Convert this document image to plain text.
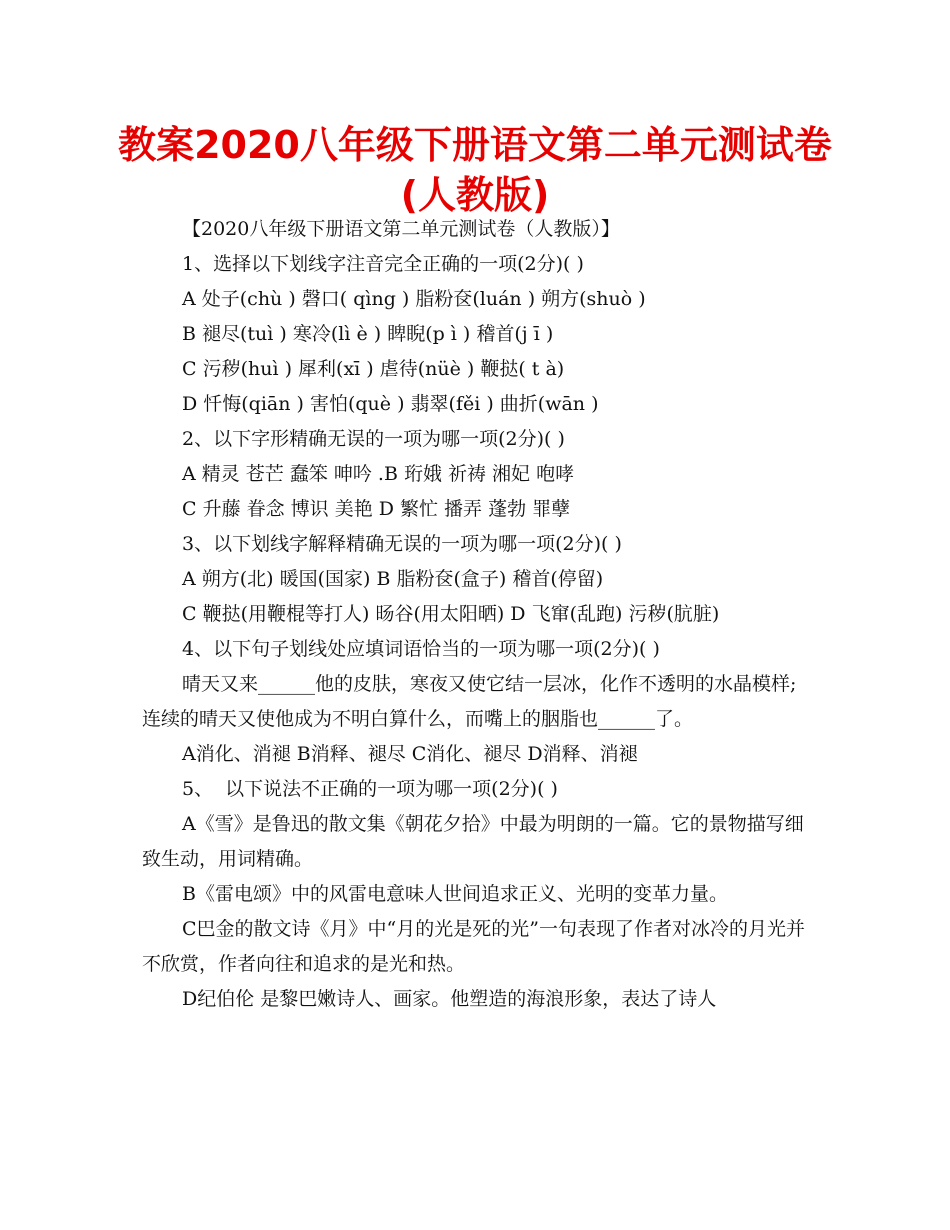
教案2020八年级下册语文第二单元测试卷
(人教版)

【2020八年级下册语文第二单元测试卷（人教版）】

1、选择以下划线字注音完全正确的一项(2分)( )

A 处子(chù ) 磬口( qìng ) 脂粉奁(luán ) 朔方(shuò )

B 褪尽(tuì ) 寒冷(lì è ) 睥睨(p ì ) 稽首(j ī )

C 污秽(huì ) 犀利(xī ) 虐待(nüè ) 鞭挞( t à)

D 忏悔(qiān ) 害怕(què ) 翡翠(fěi ) 曲折(wān )

2、以下字形精确无误的一项为哪一项(2分)( )

A 精灵 苍芒 蠢笨 呻吟 .B 珩娥 祈祷 湘妃 咆哮

C 升藤 眷念 博识 美艳 D 繁忙 播弄 蓬勃 罪孽

3、以下划线字解释精确无误的一项为哪一项(2分)( )

A 朔方(北) 暖国(国家) B 脂粉奁(盒子) 稽首(停留)

C 鞭挞(用鞭棍等打人) 旸谷(用太阳晒) D 飞窜(乱跑) 污秽(肮脏)

4、以下句子划线处应填词语恰当的一项为哪一项(2分)( )

晴天又来______他的皮肤，寒夜又使它结一层冰，化作不透明的水晶模样;连续的晴天又使他成为不明白算什么，而嘴上的胭脂也______了。

A消化、消褪 B消释、褪尽 C消化、褪尽 D消释、消褪

5、  以下说法不正确的一项为哪一项(2分)( )

A《雪》是鲁迅的散文集《朝花夕拾》中最为明朗的一篇。它的景物描写细致生动，用词精确。

B《雷电颂》中的风雷电意味人世间追求正义、光明的变革力量。

C巴金的散文诗《月》中“月的光是死的光”一句表现了作者对冰冷的月光并不欣赏，作者向往和追求的是光和热。

D纪伯伦 是黎巴嫩诗人、画家。他塑造的海浪形象，表达了诗人
